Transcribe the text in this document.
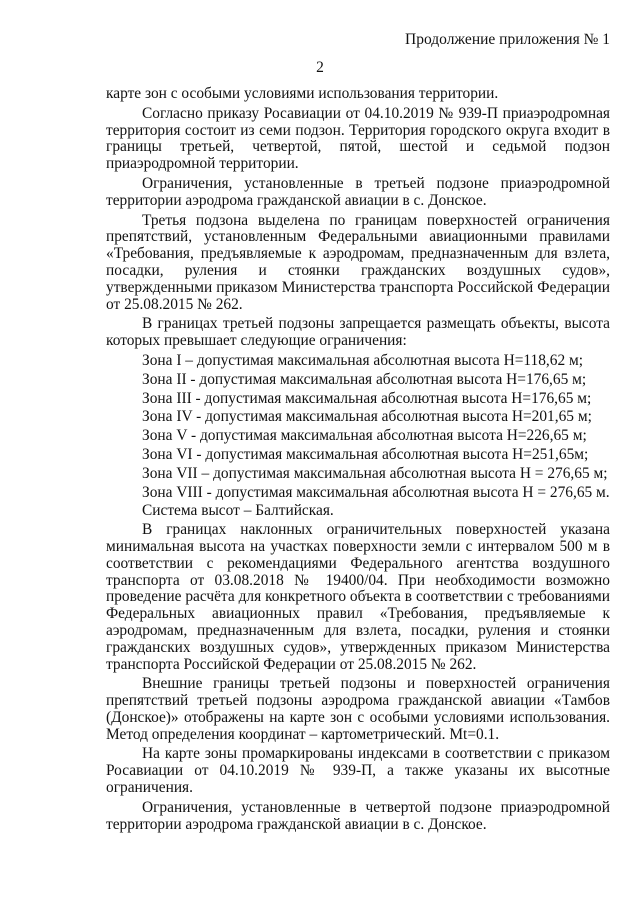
Продолжение приложения № 1
2

карте зон с особыми условиями использования территории.

Согласно приказу Росавиации от 04.10.2019 № 939-П приаэродромная территория состоит из семи подзон. Территория городского округа входит в границы третьей, четвертой, пятой, шестой и седьмой подзон приаэродромной территории.

Ограничения, установленные в третьей подзоне приаэродромной территории аэродрома гражданской авиации в с. Донское.

Третья подзона выделена по границам поверхностей ограничения препятствий, установленным Федеральными авиационными правилами «Требования, предъявляемые к аэродромам, предназначенным для взлета, посадки, руления и стоянки гражданских воздушных судов», утвержденными приказом Министерства транспорта Российской Федерации от 25.08.2015 № 262.

В границах третьей подзоны запрещается размещать объекты, высота которых превышает следующие ограничения:

Зона I – допустимая максимальная абсолютная высота H=118,62 м;

Зона II - допустимая максимальная абсолютная высота H=176,65 м;

Зона III - допустимая максимальная абсолютная высота H=176,65 м;

Зона IV - допустимая максимальная абсолютная высота H=201,65 м;

Зона V - допустимая максимальная абсолютная высота H=226,65 м;

Зона VI - допустимая максимальная абсолютная высота H=251,65м;

Зона VII – допустимая максимальная абсолютная высота H = 276,65 м;

Зона VIII - допустимая максимальная абсолютная высота H = 276,65 м.

Система высот – Балтийская.

В границах наклонных ограничительных поверхностей указана минимальная высота на участках поверхности земли с интервалом 500 м в соответствии с рекомендациями Федерального агентства воздушного транспорта от 03.08.2018 № 19400/04. При необходимости возможно проведение расчёта для конкретного объекта в соответствии с требованиями Федеральных авиационных правил «Требования, предъявляемые к аэродромам, предназначенным для взлета, посадки, руления и стоянки гражданских воздушных судов», утвержденных приказом Министерства транспорта Российской Федерации от 25.08.2015 № 262.

Внешние границы третьей подзоны и поверхностей ограничения препятствий третьей подзоны аэродрома гражданской авиации «Тамбов (Донское)» отображены на карте зон с особыми условиями использования. Метод определения координат – картометрический. Mt=0.1.

На карте зоны промаркированы индексами в соответствии с приказом Росавиации от 04.10.2019 № 939-П, а также указаны их высотные ограничения.

Ограничения, установленные в четвертой подзоне приаэродромной территории аэродрома гражданской авиации в с. Донское.
